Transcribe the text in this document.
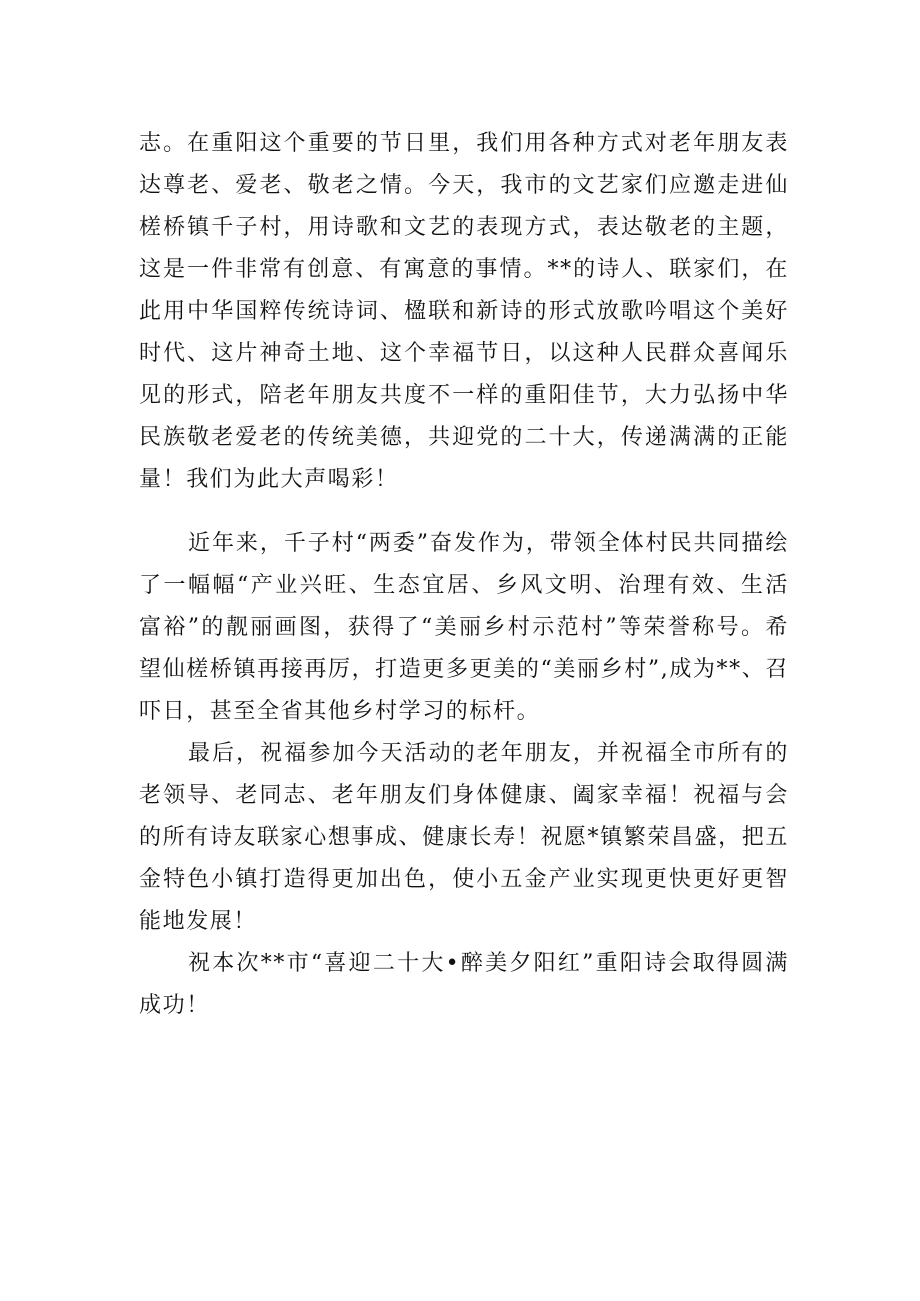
志。在重阳这个重要的节日里，我们用各种方式对老年朋友表达尊老、爱老、敬老之情。今天，我市的文艺家们应邀走进仙槎桥镇千子村，用诗歌和文艺的表现方式，表达敬老的主题，这是一件非常有创意、有寓意的事情。**的诗人、联家们，在此用中华国粹传统诗词、楹联和新诗的形式放歌吟唱这个美好时代、这片神奇土地、这个幸福节日，以这种人民群众喜闻乐见的形式，陪老年朋友共度不一样的重阳佳节，大力弘扬中华民族敬老爱老的传统美德，共迎党的二十大，传递满满的正能量！我们为此大声喝彩！

近年来，千子村“两委”奋发作为，带领全体村民共同描绘了一幅幅“产业兴旺、生态宜居、乡风文明、治理有效、生活富裕”的靓丽画图，获得了“美丽乡村示范村”等荣誉称号。希望仙槎桥镇再接再厉，打造更多更美的“美丽乡村”,成为**、召吓日，甚至全省其他乡村学习的标杆。

最后，祝福参加今天活动的老年朋友，并祝福全市所有的老领导、老同志、老年朋友们身体健康、阖家幸福！祝福与会的所有诗友联家心想事成、健康长寿！祝愿*镇繁荣昌盛，把五金特色小镇打造得更加出色，使小五金产业实现更快更好更智能地发展！

祝本次**市“喜迎二十大•醉美夕阳红”重阳诗会取得圆满成功！
